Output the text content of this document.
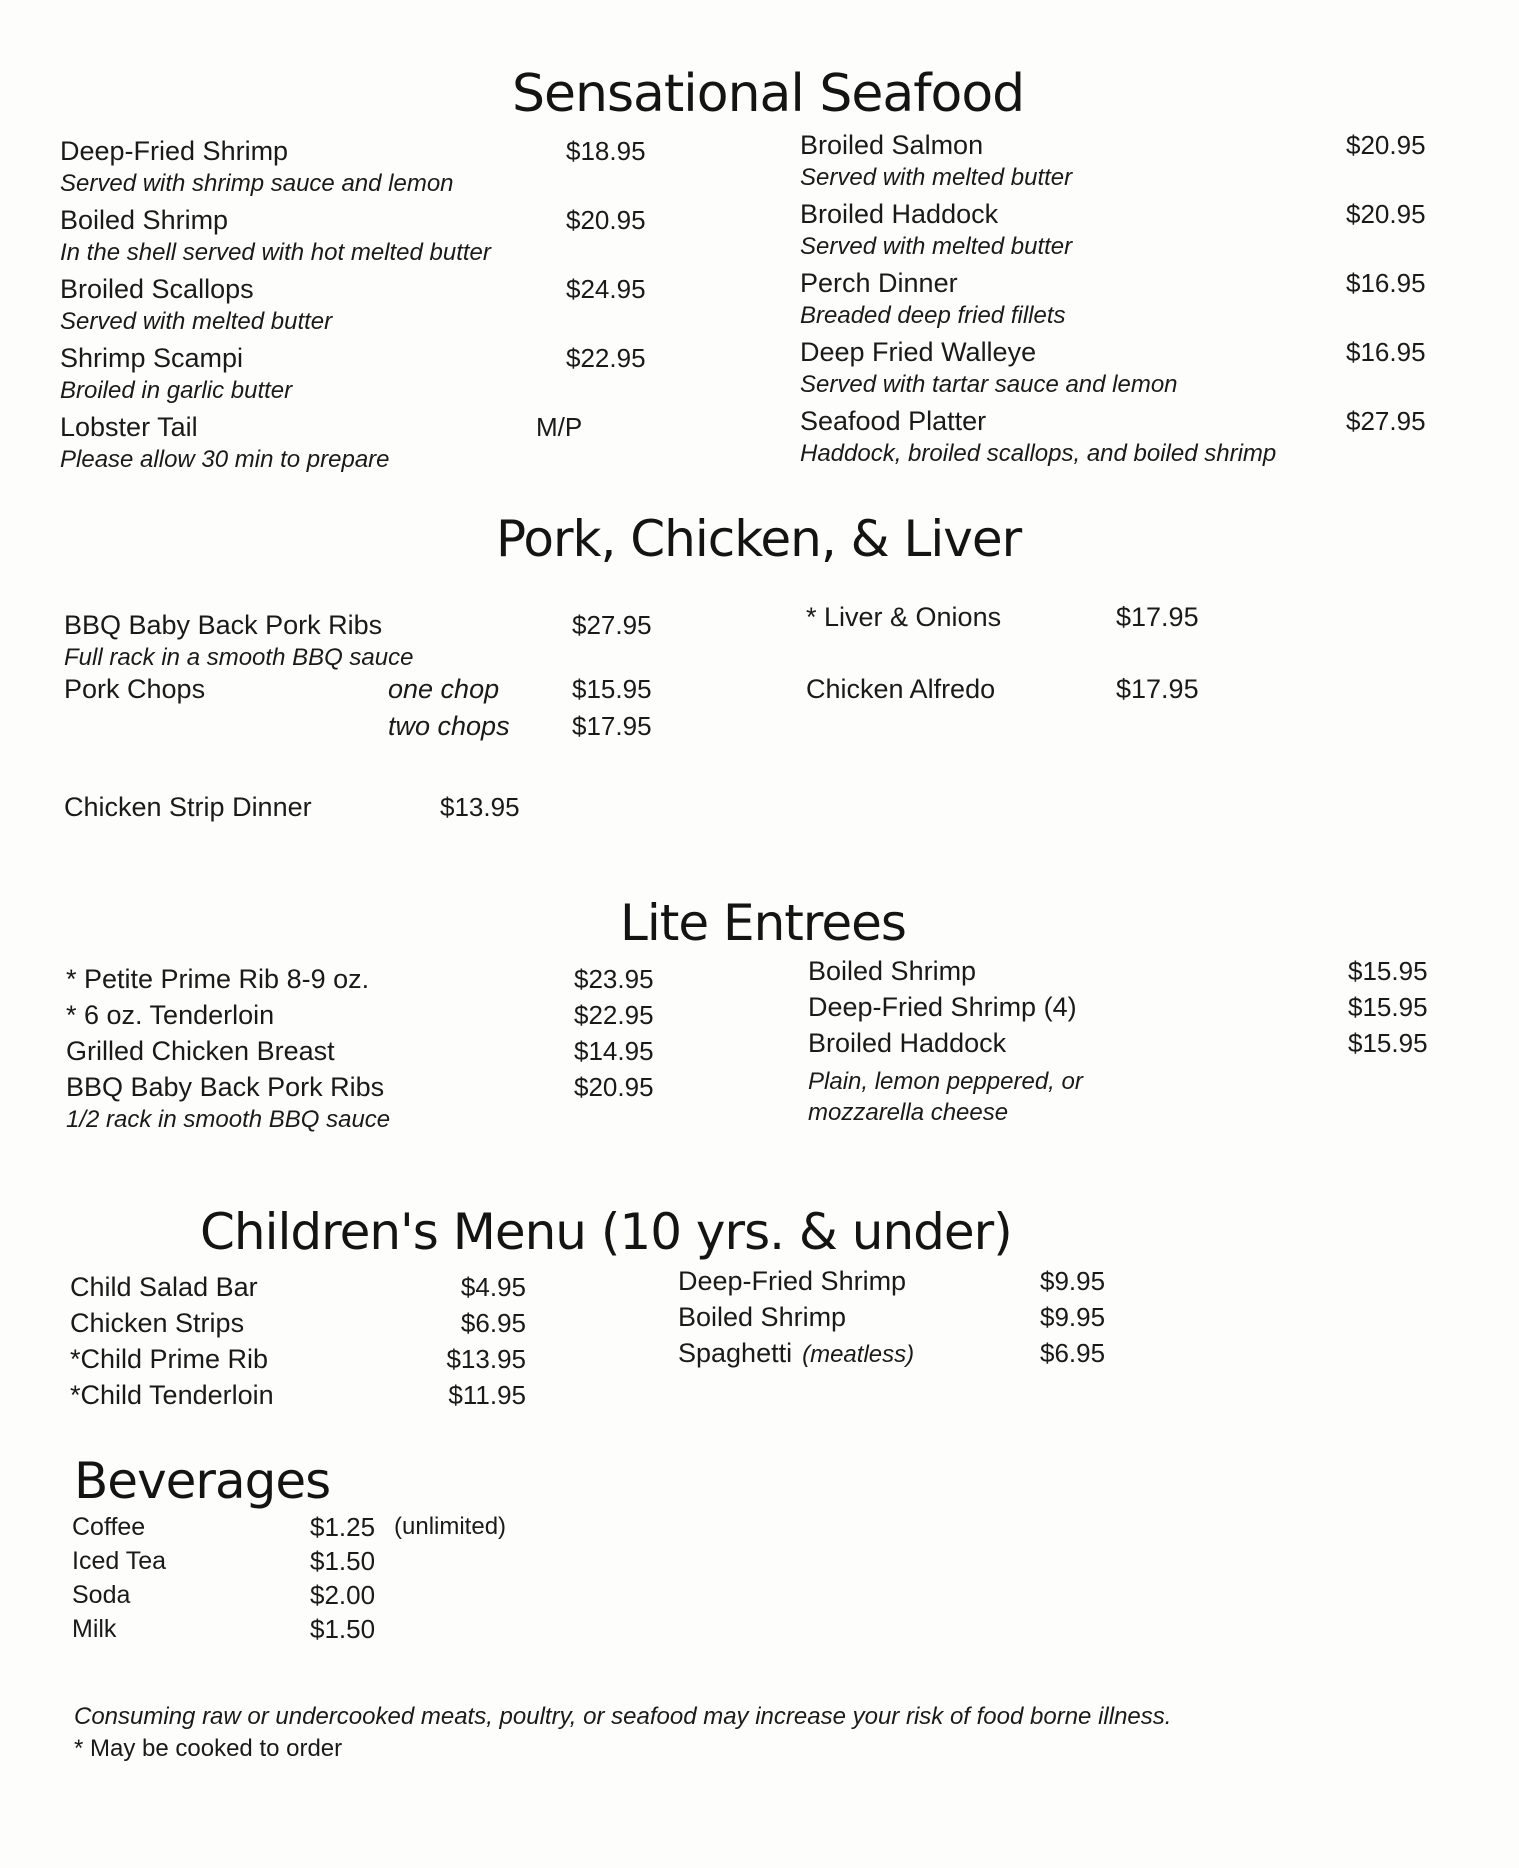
Sensational Seafood
Deep-Fried Shrimp	$18.95
Served with shrimp sauce and lemon
Boiled Shrimp	$20.95
In the shell served with hot melted butter
Broiled Scallops	$24.95
Served with melted butter
Shrimp Scampi	$22.95
Broiled in garlic butter
Lobster Tail	M/P
Please allow 30 min to prepare
Broiled Salmon	$20.95
Served with melted butter
Broiled Haddock	$20.95
Served with melted butter
Perch Dinner	$16.95
Breaded deep fried fillets
Deep Fried Walleye	$16.95
Served with tartar sauce and lemon
Seafood Platter	$27.95
Haddock, broiled scallops, and boiled shrimp
Pork, Chicken, & Liver
BBQ Baby Back Pork Ribs	$27.95
Full rack in a smooth BBQ sauce
Pork Chops	one chop	$15.95
two chops $17.95
Chicken Strip Dinner	$13.95
* Liver & Onions	$17.95
Chicken Alfredo	$17.95
Lite Entrees
* Petite Prime Rib 8-9 oz.	$23.95
* 6 oz. Tenderloin	$22.95
Grilled Chicken Breast	$14.95
BBQ Baby Back Pork Ribs	$20.95
1/2 rack in smooth BBQ sauce
Boiled Shrimp	$15.95
Deep-Fried Shrimp (4)	$15.95
Broiled Haddock	$15.95
Plain, lemon peppered, or
mozzarella cheese
Children's Menu (10 yrs. & under)
Child Salad Bar	$4.95
Chicken Strips	$6.95
*Child Prime Rib	$13.95
*Child Tenderloin	$11.95
Deep-Fried Shrimp	$9.95
Boiled Shrimp	$9.95
Spaghetti (meatless)	$6.95
Beverages
Coffee	$1.25 (unlimited)
Iced Tea	$1.50
Soda	$2.00
Milk	$1.50
Consuming raw or undercooked meats, poultry, or seafood may increase your risk of food borne illness.
* May be cooked to order
